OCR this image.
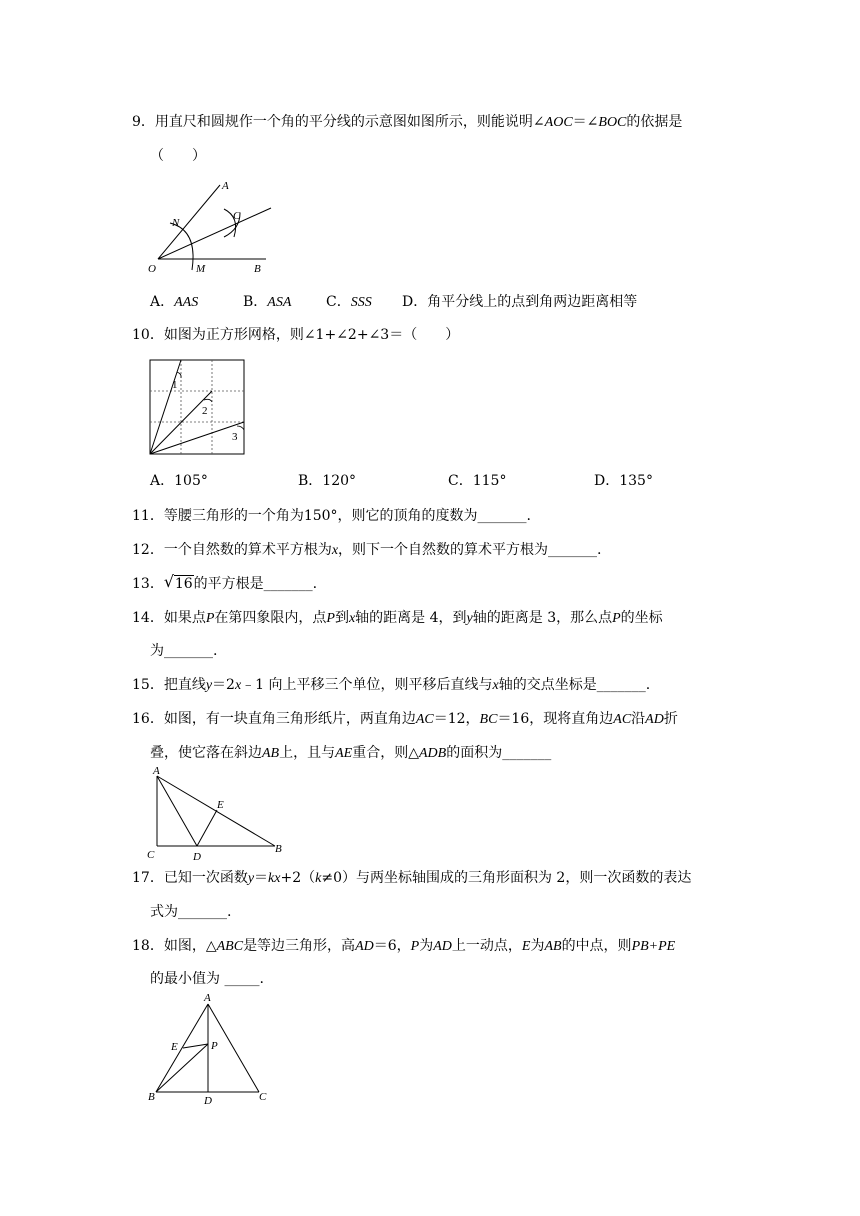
9．用直尺和圆规作一个角的平分线的示意图如图所示，则能说明∠AOC＝∠BOC的依据是
（　　）
A
N
C
O	M	B
A．AAS	B．ASA C．SSS D．角平分线上的点到角两边距离相等
10．如图为正方形网格，则∠1+∠2+∠3＝（　　）
1
2
3
A．105°	B．120°	C．115°	D．135°
11．等腰三角形的一个角为150°，则它的顶角的度数为_______.
12．一个自然数的算术平方根为x，则下一个自然数的算术平方根为_______.
13． √ 16的平方根是_______.
14．如果点P在第四象限内，点P到x轴的距离是 4，到y轴的距离是 3，那么点P的坐标
为_______.
15．把直线y＝2x﹣1 向上平移三个单位，则平移后直线与x轴的交点坐标是_______.
16．如图，有一块直角三角形纸片，两直角边AC＝12，BC＝16，现将直角边AC沿AD折
叠，使它落在斜边AB上，且与AE重合，则△ADB的面积为_______
A
E
C	D
B
17．已知一次函数y＝kx+2（k≠0）与两坐标轴围成的三角形面积为 2，则一次函数的表达
式为_______.
18．如图，△ABC是等边三角形，高AD＝6，P为AD上一动点，E为AB的中点，则PB+PE
的最小值为 _____.
A
E	P
B	D	C
